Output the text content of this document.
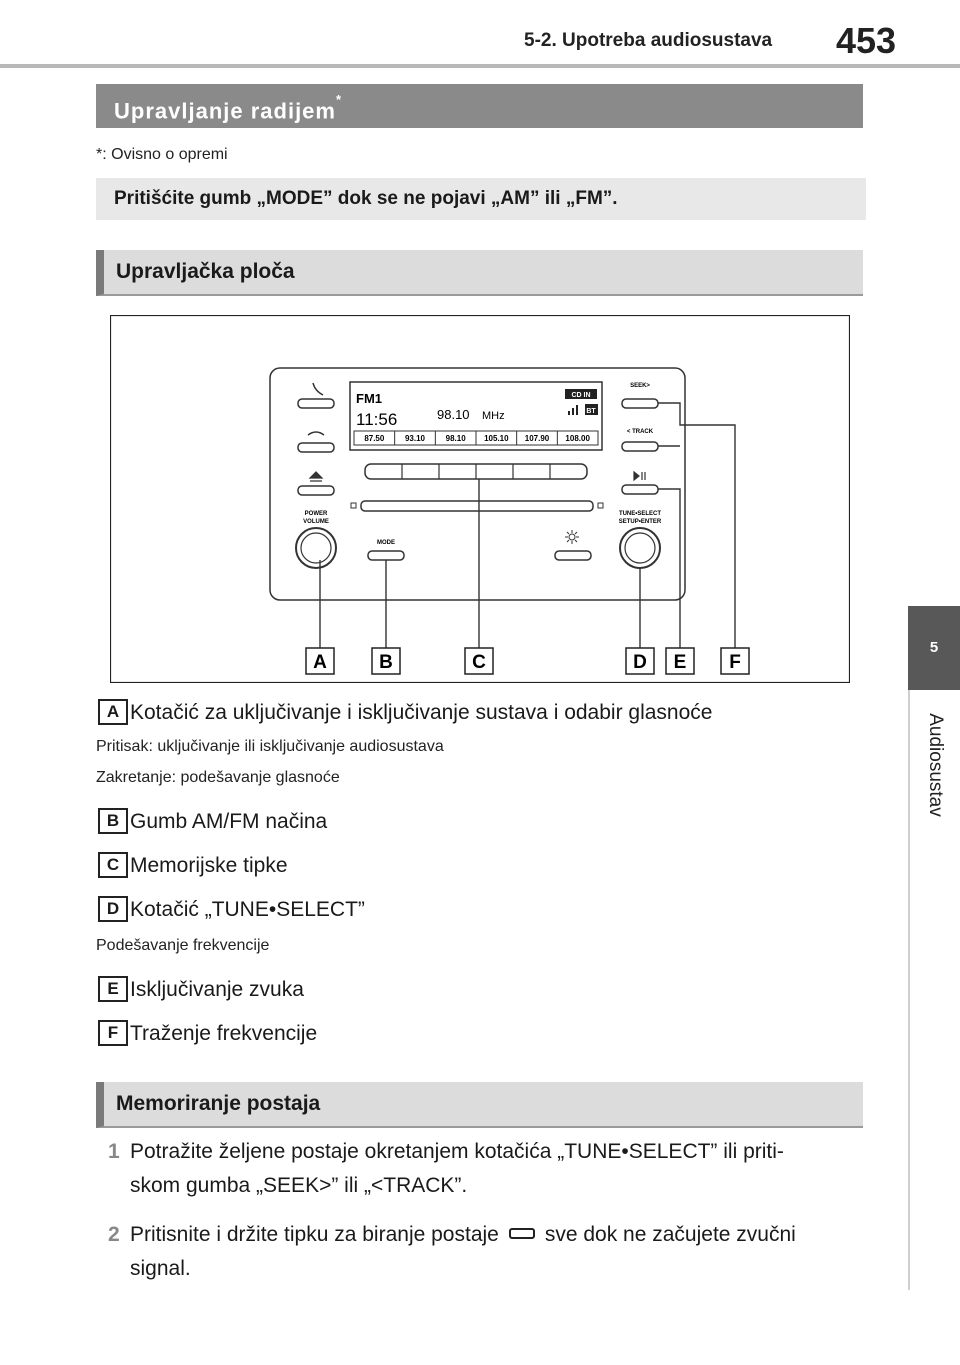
5-2. Upotreba audiosustava 453
5
Audiosustav
Upravljanje radijem*
*: Ovisno o opremi
Pritišćite gumb „MODE” dok se ne pojavi „AM” ili „FM”.
Upravljačka ploča
POWER
VOLUME
FM1
11:56	98.10 MHz
CD IN
BT
87.50	93.10	98.10 105.10 107.90 108.00
MODE
SEEK>
< TRACK
TUNE•SELECT
SETUP•ENTER
A	B	C	D E F
A Kotačić za uključivanje i isključivanje sustava i odabir glasnoće
Pritisak: uključivanje ili isključivanje audiosustava
Zakretanje: podešavanje glasnoće
B Gumb AM/FM načina
C Memorijske tipke
D Kotačić „TUNE•SELECT”
Podešavanje frekvencije
E Isključivanje zvuka
F Traženje frekvencije
Memoriranje postaja
1 Potražite željene postaje okretanjem kotačića „TUNE•SELECT” ili priti-
skom gumba „SEEK>” ili „<TRACK”.
2 Pritisnite i držite tipku za biranje postaje sve dok ne začujete zvučni
signal.
